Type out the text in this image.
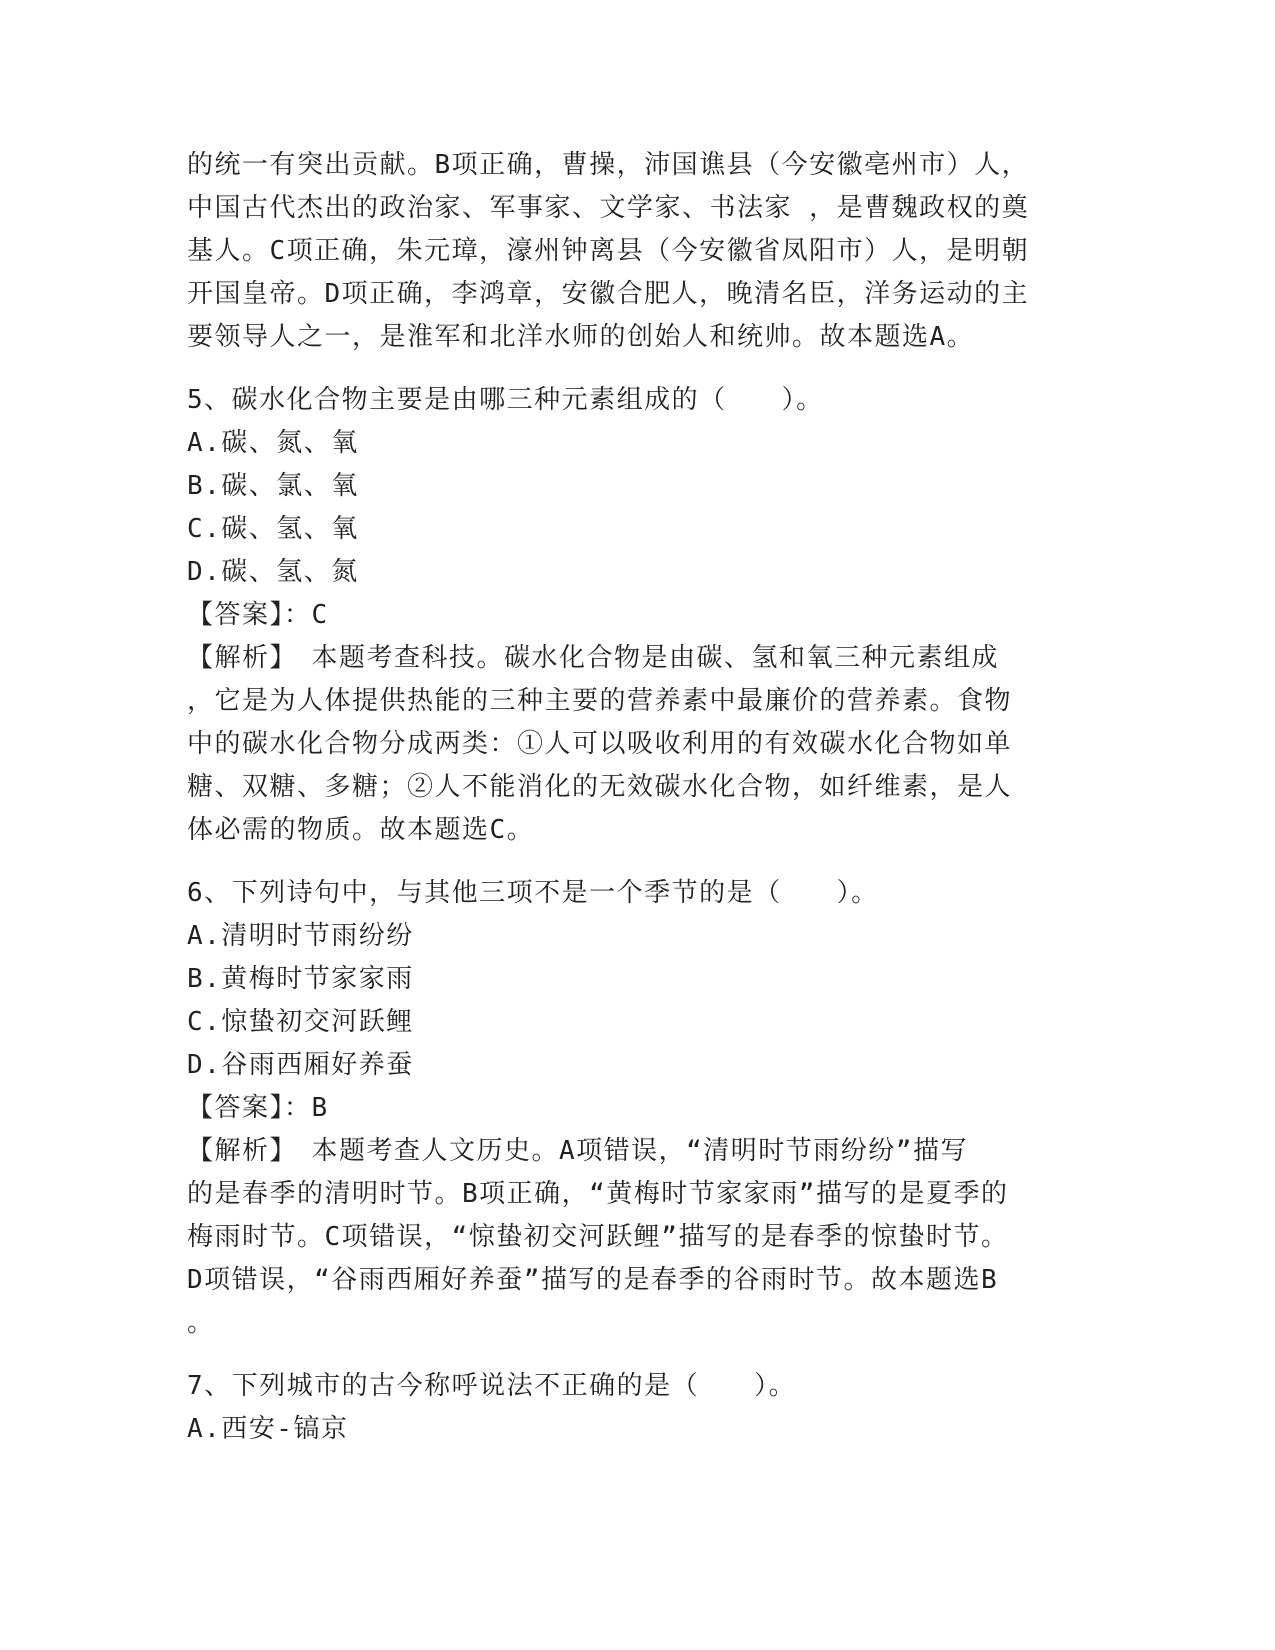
的统一有突出贡献。B项正确，曹操，沛国谯县（今安徽亳州市）人，
中国古代杰出的政治家、军事家、文学家、书法家 ，是曹魏政权的奠
基人。C项正确，朱元璋，濠州钟离县（今安徽省凤阳市）人，是明朝
开国皇帝。D项正确，李鸿章，安徽合肥人，晚清名臣，洋务运动的主
要领导人之一，是淮军和北洋水师的创始人和统帅。故本题选A。
5、碳水化合物主要是由哪三种元素组成的（　　）。
A.碳、氮、氧
B.碳、氯、氧
C.碳、氢、氧
D.碳、氢、氮
【答案】：C
【解析】　本题考查科技。碳水化合物是由碳、氢和氧三种元素组成
，它是为人体提供热能的三种主要的营养素中最廉价的营养素。食物
中的碳水化合物分成两类：①人可以吸收利用的有效碳水化合物如单
糖、双糖、多糖；②人不能消化的无效碳水化合物，如纤维素，是人
体必需的物质。故本题选C。
6、下列诗句中，与其他三项不是一个季节的是（　　）。
A.清明时节雨纷纷
B.黄梅时节家家雨
C.惊蛰初交河跃鲤
D.谷雨西厢好养蚕
【答案】：B
【解析】　本题考查人文历史。A项错误，“清明时节雨纷纷”描写
的是春季的清明时节。B项正确，“黄梅时节家家雨”描写的是夏季的
梅雨时节。C项错误，“惊蛰初交河跃鲤”描写的是春季的惊蛰时节。
D项错误，“谷雨西厢好养蚕”描写的是春季的谷雨时节。故本题选B
。
7、下列城市的古今称呼说法不正确的是（　　）。
A.西安-镐京
